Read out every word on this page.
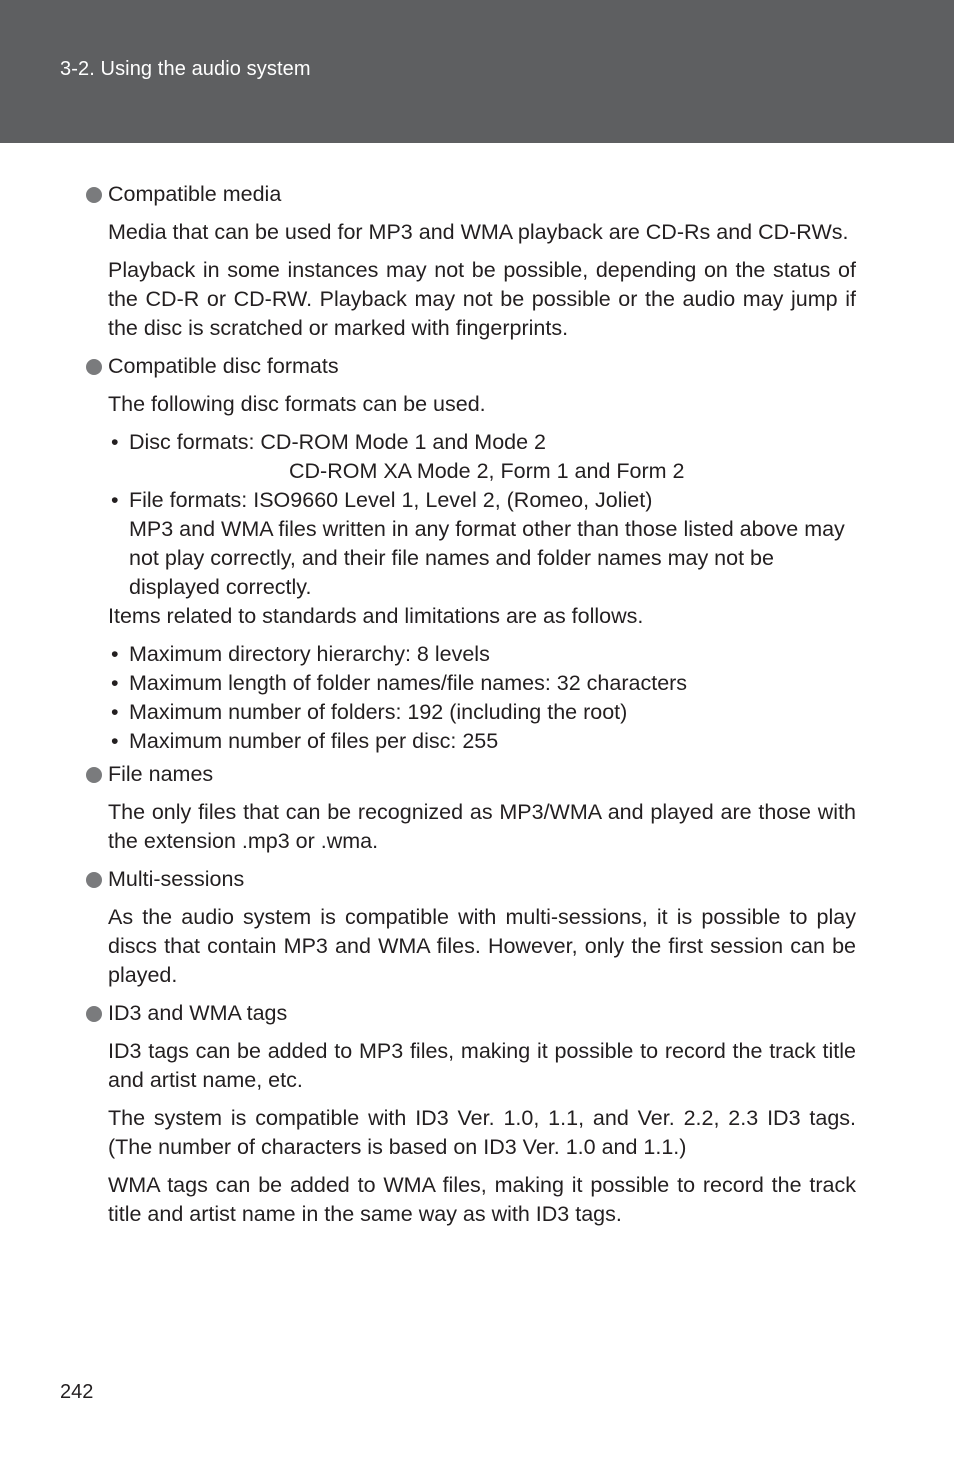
3-2. Using the audio system
Compatible media
Media that can be used for MP3 and WMA playback are CD-Rs and CD-RWs.
Playback in some instances may not be possible, depending on the status of the CD-R or CD-RW. Playback may not be possible or the audio may jump if the disc is scratched or marked with fingerprints.
Compatible disc formats
The following disc formats can be used.
• Disc formats: CD-ROM Mode 1 and Mode 2
CD-ROM XA Mode 2, Form 1 and Form 2
• File formats: ISO9660 Level 1, Level 2, (Romeo, Joliet)
MP3 and WMA files written in any format other than those listed above may not play correctly, and their file names and folder names may not be displayed correctly.
Items related to standards and limitations are as follows.
• Maximum directory hierarchy: 8 levels
• Maximum length of folder names/file names: 32 characters
• Maximum number of folders: 192 (including the root)
• Maximum number of files per disc: 255
File names
The only files that can be recognized as MP3/WMA and played are those with the extension .mp3 or .wma.
Multi-sessions
As the audio system is compatible with multi-sessions, it is possible to play discs that contain MP3 and WMA files. However, only the first session can be played.
ID3 and WMA tags
ID3 tags can be added to MP3 files, making it possible to record the track title and artist name, etc.
The system is compatible with ID3 Ver. 1.0, 1.1, and Ver. 2.2, 2.3 ID3 tags. (The number of characters is based on ID3 Ver. 1.0 and 1.1.)
WMA tags can be added to WMA files, making it possible to record the track title and artist name in the same way as with ID3 tags.
242
